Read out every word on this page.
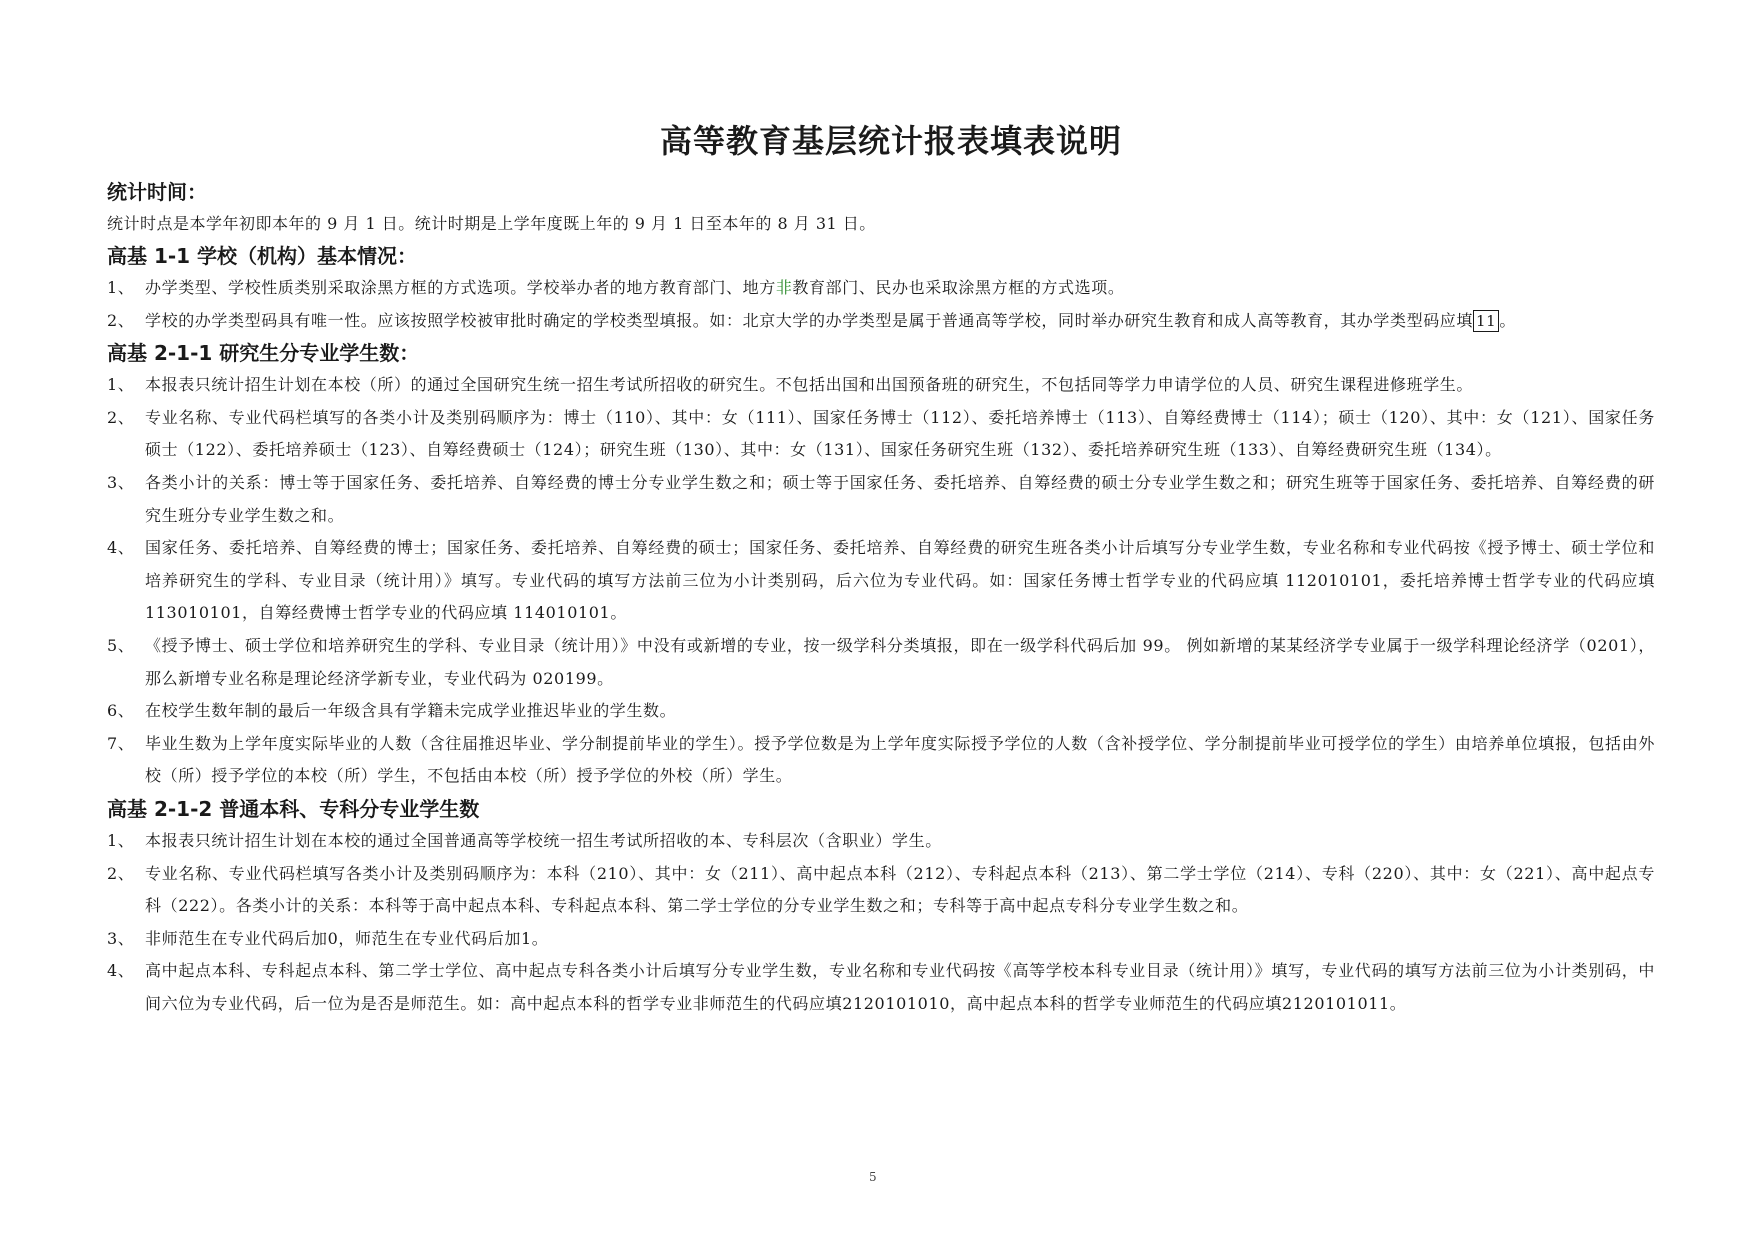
高等教育基层统计报表填表说明
统计时间：

统计时点是本学年初即本年的 9 月 1 日。统计时期是上学年度既上年的 9 月 1 日至本年的 8 月 31 日。

高基 1-1 学校（机构）基本情况：
1、 办学类型、学校性质类别采取涂黑方框的方式选项。学校举办者的地方教育部门、地方非教育部门、民办也采取涂黑方框的方式选项。
2、 学校的办学类型码具有唯一性。应该按照学校被审批时确定的学校类型填报。如：北京大学的办学类型是属于普通高等学校，同时举办研究生教育和成人高等教育，其办学类型码应填 11 。
高基 2-1-1 研究生分专业学生数：
1、 本报表只统计招生计划在本校（所）的通过全国研究生统一招生考试所招收的研究生。不包括出国和出国预备班的研究生，不包括同等学力申请学位的人员、研究生课程进修班学生。
2、 专业名称、专业代码栏填写的各类小计及类别码顺序为：博士（110）、其中：女（111）、国家任务博士（112）、委托培养博士（113）、自筹经费博士（114）；硕士（120）、其中：女（121）、国家任务硕士（122）、委托培养硕士（123）、自筹经费硕士（124）；研究生班（130）、其中：女（131）、国家任务研究生班（132）、委托培养研究生班（133）、自筹经费研究生班（134）。
3、 各类小计的关系：博士等于国家任务、委托培养、自筹经费的博士分专业学生数之和；硕士等于国家任务、委托培养、自筹经费的硕士分专业学生数之和；研究生班等于国家任务、委托培养、自筹经费的研究生班分专业学生数之和。
4、 国家任务、委托培养、自筹经费的博士；国家任务、委托培养、自筹经费的硕士；国家任务、委托培养、自筹经费的研究生班各类小计后填写分专业学生数，专业名称和专业代码按《授予博士、硕士学位和培养研究生的学科、专业目录（统计用）》填写。专业代码的填写方法前三位为小计类别码，后六位为专业代码。如：国家任务博士哲学专业的代码应填 112010101，委托培养博士哲学专业的代码应填 113010101，自筹经费博士哲学专业的代码应填 114010101。
5、 《授予博士、硕士学位和培养研究生的学科、专业目录（统计用）》中没有或新增的专业，按一级学科分类填报，即在一级学科代码后加 99。 例如新增的某某经济学专业属于一级学科理论经济学（0201），那么新增专业名称是理论经济学新专业，专业代码为 020199。
6、 在校学生数年制的最后一年级含具有学籍未完成学业推迟毕业的学生数。
7、 毕业生数为上学年度实际毕业的人数（含往届推迟毕业、学分制提前毕业的学生）。授予学位数是为上学年度实际授予学位的人数（含补授学位、学分制提前毕业可授学位的学生）由培养单位填报，包括由外校（所）授予学位的本校（所）学生，不包括由本校（所）授予学位的外校（所）学生。
高基 2-1-2 普通本科、专科分专业学生数
1、 本报表只统计招生计划在本校的通过全国普通高等学校统一招生考试所招收的本、专科层次（含职业）学生。
2、 专业名称、专业代码栏填写各类小计及类别码顺序为：本科（210）、其中：女（211）、高中起点本科（212）、专科起点本科（213）、第二学士学位（214）、专科（220）、其中：女（221）、高中起点专科（222）。各类小计的关系：本科等于高中起点本科、专科起点本科、第二学士学位的分专业学生数之和；专科等于高中起点专科分专业学生数之和。
3、 非师范生在专业代码后加0，师范生在专业代码后加1。
4、 高中起点本科、专科起点本科、第二学士学位、高中起点专科各类小计后填写分专业学生数，专业名称和专业代码按《高等学校本科专业目录（统计用）》填写，专业代码的填写方法前三位为小计类别码，中间六位为专业代码，后一位为是否是师范生。如：高中起点本科的哲学专业非师范生的代码应填2120101010，高中起点本科的哲学专业师范生的代码应填2120101011。
5
